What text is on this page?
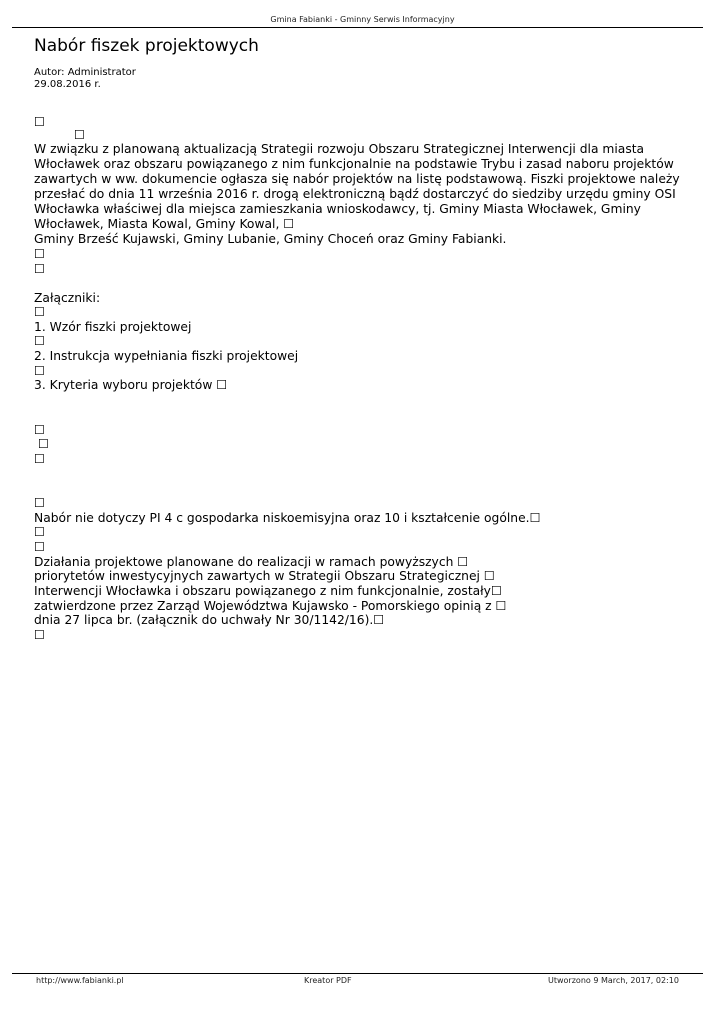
Gmina Fabianki - Gminny Serwis Informacyjny
Nabór fiszek projektowych
Autor: Administrator
29.08.2016 r.
☐
☐
W związku z planowaną aktualizacją Strategii rozwoju Obszaru Strategicznej Interwencji dla miasta
Włocławek oraz obszaru powiązanego z nim funkcjonalnie na podstawie Trybu i zasad naboru projektów
zawartych w ww. dokumencie ogłasza się nabór projektów na listę podstawową. Fiszki projektowe należy
przesłać do dnia 11 września 2016 r. drogą elektroniczną bądź dostarczyć do siedziby urzędu gminy OSI
Włocławka właściwej dla miejsca zamieszkania wnioskodawcy, tj. Gminy Miasta Włocławek, Gminy
Włocławek, Miasta Kowal, Gminy Kowal, ☐
Gminy Brześć Kujawski, Gminy Lubanie, Gminy Choceń oraz Gminy Fabianki.
☐
☐
Załączniki:
☐
1. Wzór fiszki projektowej
☐
2. Instrukcja wypełniania fiszki projektowej
☐
3. Kryteria wyboru projektów ☐
☐
☐
☐
☐
Nabór nie dotyczy PI 4 c gospodarka niskoemisyjna oraz 10 i kształcenie ogólne.☐
☐
☐
Działania projektowe planowane do realizacji w ramach powyższych ☐
priorytetów inwestycyjnych zawartych w Strategii Obszaru Strategicznej ☐
Interwencji Włocławka i obszaru powiązanego z nim funkcjonalnie, zostały☐
zatwierdzone przez Zarząd Województwa Kujawsko - Pomorskiego opinią z ☐
dnia 27 lipca br. (załącznik do uchwały Nr 30/1142/16).☐
☐
http://www.fabianki.pl	Kreator PDF	Utworzono 9 March, 2017, 02:10
